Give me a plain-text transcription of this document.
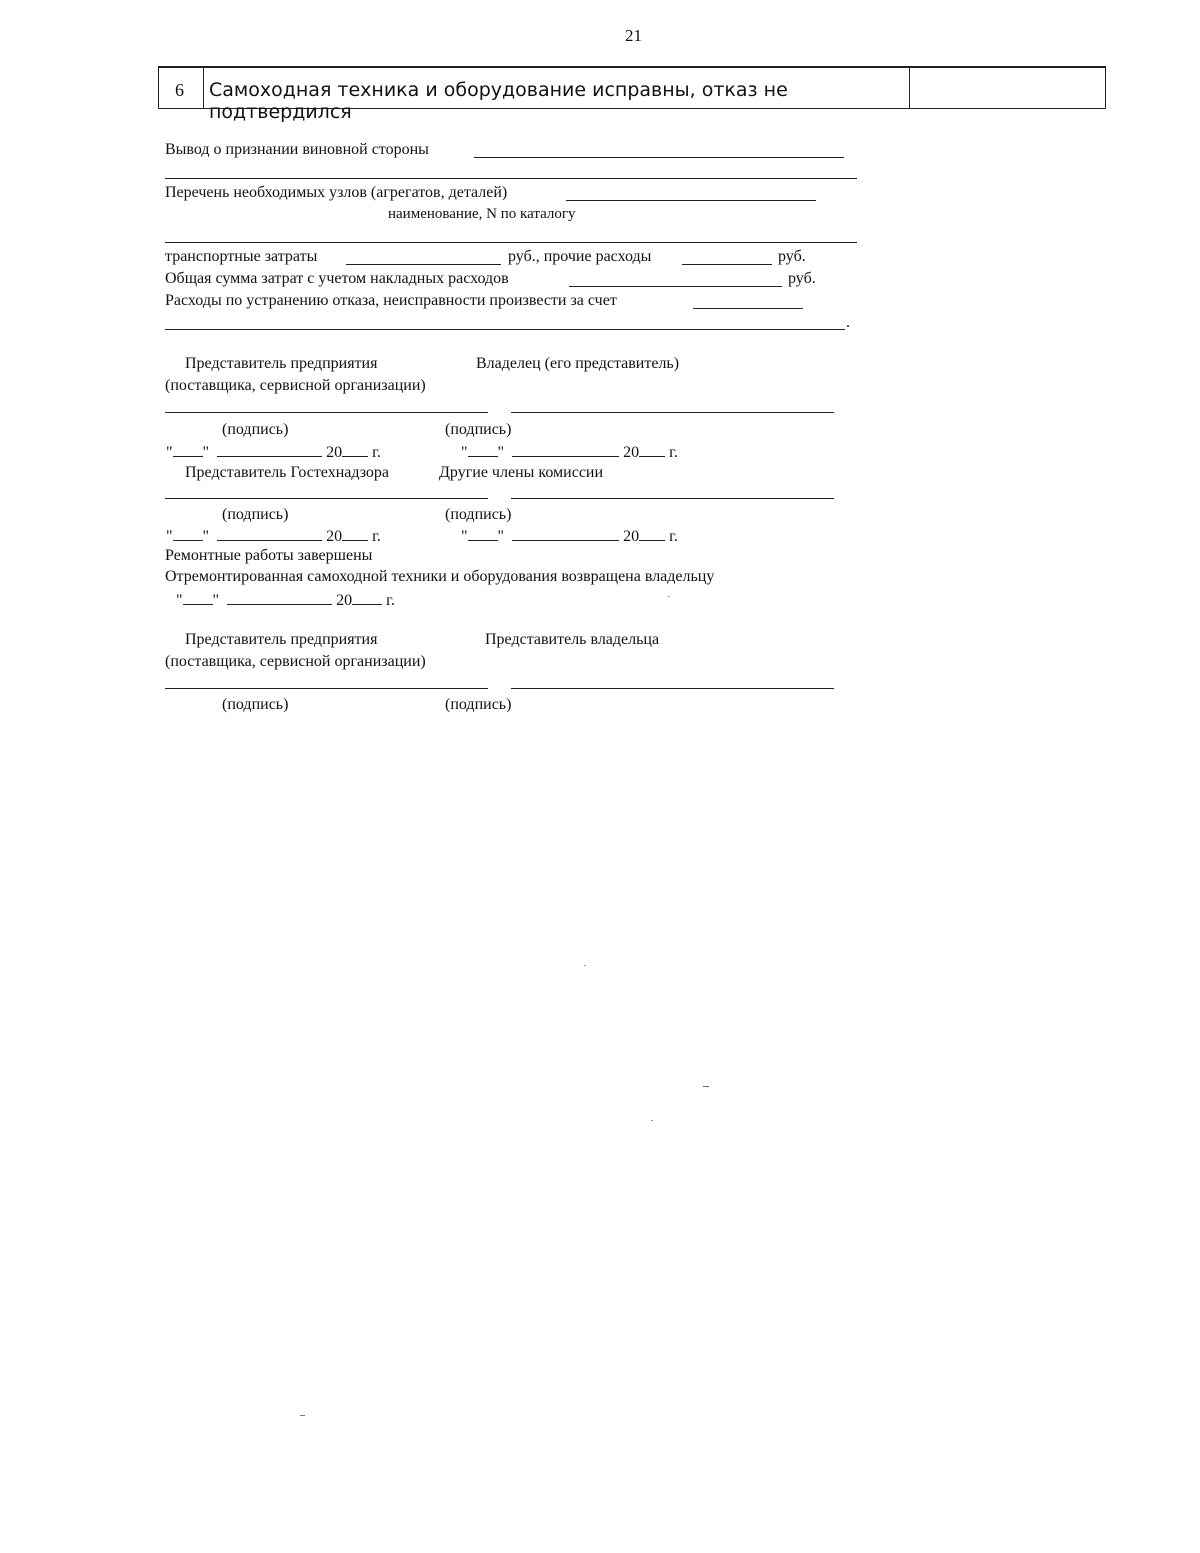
21
6 Самоходная техника и оборудование исправны, отказ не подтвердился
Вывод о признании виновной стороны
Перечень необходимых узлов (агрегатов, деталей)
наименование, N по каталогу
транспортные затраты	руб., прочие расходы	руб.
Общая сумма затрат с учетом накладных расходов	руб.
Расходы по устранению отказа, неисправности произвести за счет
.
Представитель предприятия
(поставщика, сервисной организации)
Владелец (его представитель)
(подпись)	(подпись)
" "	20 г.	" "	20 г.
Представитель Гостехнадзора	Другие члены комиссии
(подпись)	(подпись)
" "	20 г.	" "	20 г.
Ремонтные работы завершены
Отремонтированная самоходной техники и оборудования возвращена владельцу
" "	20 г.
Представитель предприятия
(поставщика, сервисной организации)
Представитель владельца
(подпись)	(подпись)
